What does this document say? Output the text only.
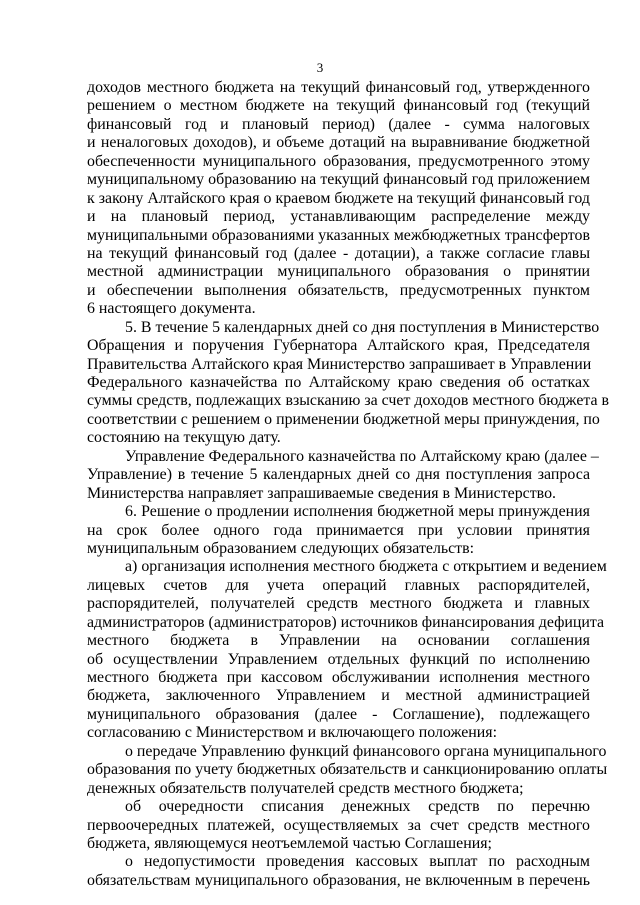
3
доходов местного бюджета на текущий финансовый год, утвержденного
решением о местном бюджете на текущий финансовый год (текущий
финансовый год и плановый период) (далее - сумма налоговых
и неналоговых доходов), и объеме дотаций на выравнивание бюджетной
обеспеченности муниципального образования, предусмотренного этому
муниципальному образованию на текущий финансовый год приложением
к закону Алтайского края о краевом бюджете на текущий финансовый год
и на плановый период, устанавливающим распределение между
муниципальными образованиями указанных межбюджетных трансфертов
на текущий финансовый год (далее - дотации), а также согласие главы
местной администрации муниципального образования о принятии
и обеспечении выполнения обязательств, предусмотренных пунктом
6 настоящего документа.
5. В течение 5 календарных дней со дня поступления в Министерство
Обращения и поручения Губернатора Алтайского края, Председателя
Правительства Алтайского края Министерство запрашивает в Управлении
Федерального казначейства по Алтайскому краю сведения об остатках
суммы средств, подлежащих взысканию за счет доходов местного бюджета в
соответствии с решением о применении бюджетной меры принуждения, по
состоянию на текущую дату.
Управление Федерального казначейства по Алтайскому краю (далее –
Управление) в течение 5 календарных дней со дня поступления запроса
Министерства направляет запрашиваемые сведения в Министерство.
6. Решение о продлении исполнения бюджетной меры принуждения
на срок более одного года принимается при условии принятия
муниципальным образованием следующих обязательств:
а) организация исполнения местного бюджета с открытием и ведением
лицевых счетов для учета операций главных распорядителей,
распорядителей, получателей средств местного бюджета и главных
администраторов (администраторов) источников финансирования дефицита
местного бюджета в Управлении на основании соглашения
об осуществлении Управлением отдельных функций по исполнению
местного бюджета при кассовом обслуживании исполнения местного
бюджета, заключенного Управлением и местной администрацией
муниципального образования (далее - Соглашение), подлежащего
согласованию с Министерством и включающего положения:
о передаче Управлению функций финансового органа муниципального
образования по учету бюджетных обязательств и санкционированию оплаты
денежных обязательств получателей средств местного бюджета;
об очередности списания денежных средств по перечню
первоочередных платежей, осуществляемых за счет средств местного
бюджета, являющемуся неотъемлемой частью Соглашения;
о недопустимости проведения кассовых выплат по расходным
обязательствам муниципального образования, не включенным в перечень
